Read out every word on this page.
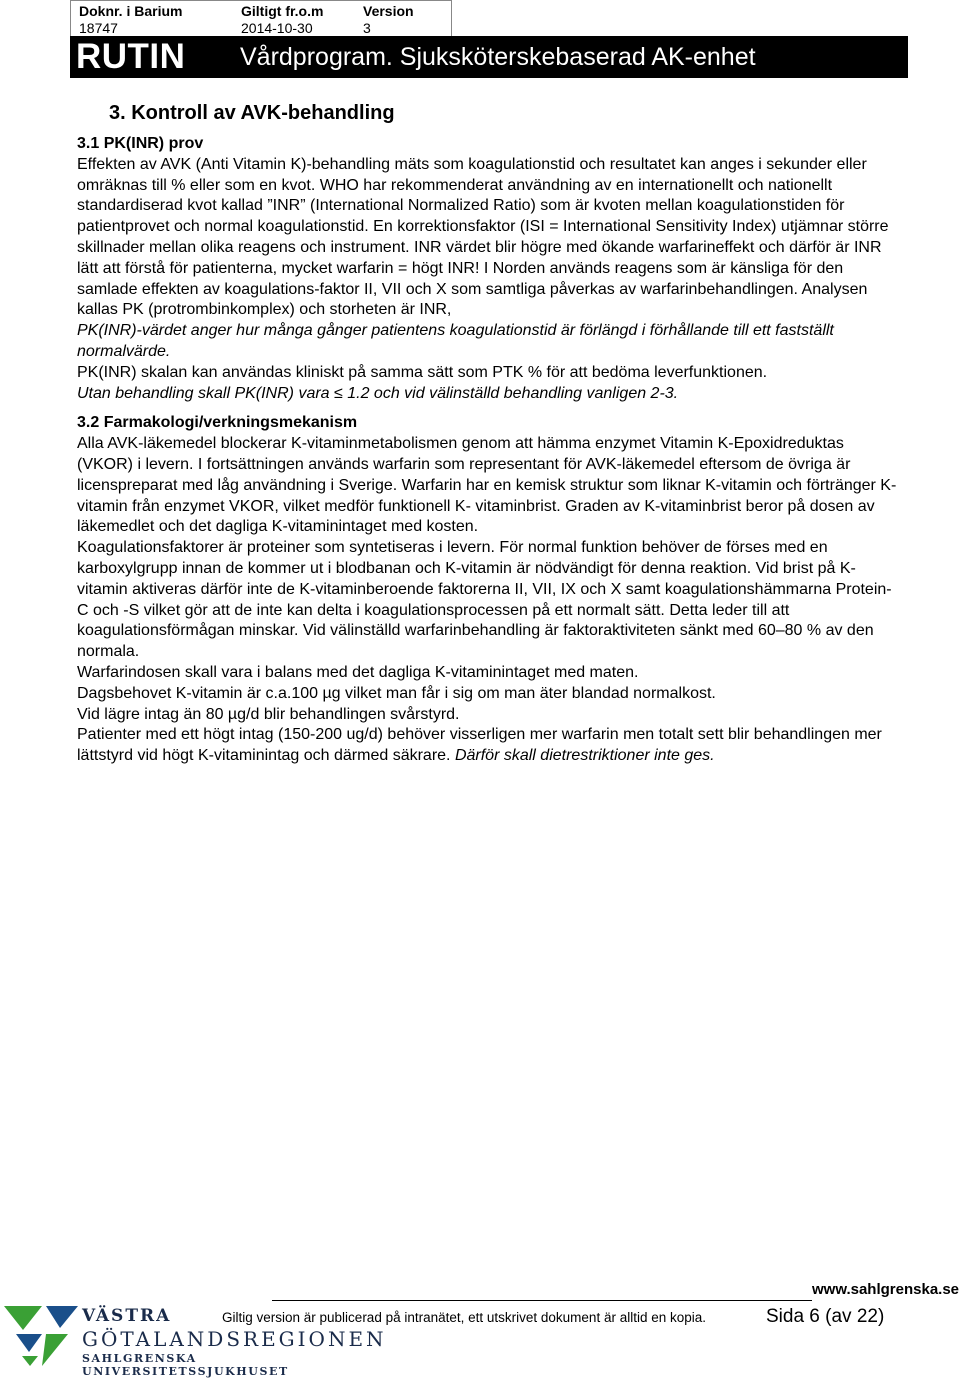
Doknr. i Barium
18747
Giltigt fr.o.m
2014-10-30
Version
3
RUTIN Vårdprogram. Sjuksköterskebaserad AK-enhet
3. Kontroll av AVK-behandling

3.1 PK(INR) prov

Effekten av AVK (Anti Vitamin K)-behandling mäts som koagulationstid och resultatet kan anges i sekunder eller omräknas till % eller som en kvot. WHO har rekommenderat användning av en internationellt och nationellt standardiserad kvot kallad ”INR” (International Normalized Ratio) som är kvoten mellan koagulationstiden för patientprovet och normal koagulationstid. En korrektionsfaktor (ISI = International Sensitivity Index) utjämnar större skillnader mellan olika reagens och instrument. INR värdet blir högre med ökande warfarineffekt och därför är INR lätt att förstå för patienterna, mycket warfarin = högt INR! I Norden används reagens som är känsliga för den samlade effekten av koagulations-faktor II, VII och X som samtliga påverkas av warfarinbehandlingen. Analysen kallas PK (protrombinkomplex) och storheten är INR,

PK(INR)-värdet anger hur många gånger patientens koagulationstid är förlängd i förhållande till ett fastställt normalvärde.

PK(INR) skalan kan användas kliniskt på samma sätt som PTK % för att bedöma leverfunktionen.

Utan behandling skall PK(INR) vara ≤ 1.2 och vid välinställd behandling vanligen 2-3.

3.2 Farmakologi/verkningsmekanism

Alla AVK-läkemedel blockerar K-vitaminmetabolismen genom att hämma enzymet Vitamin K-Epoxidreduktas (VKOR) i levern. I fortsättningen används warfarin som representant för AVK-läkemedel eftersom de övriga är licenspreparat med låg användning i Sverige. Warfarin har en kemisk struktur som liknar K-vitamin och förtränger K-vitamin från enzymet VKOR, vilket medför funktionell K- vitaminbrist. Graden av K-vitaminbrist beror på dosen av läkemedlet och det dagliga K-vitaminintaget med kosten.

Koagulationsfaktorer är proteiner som syntetiseras i levern. För normal funktion behöver de förses med en karboxylgrupp innan de kommer ut i blodbanan och K-vitamin är nödvändigt för denna reaktion. Vid brist på K-vitamin aktiveras därför inte de K-vitaminberoende faktorerna II, VII, IX och X samt koagulationshämmarna Protein- C och -S vilket gör att de inte kan delta i koagulationsprocessen på ett normalt sätt. Detta leder till att koagulationsförmågan minskar. Vid välinställd warfarinbehandling är faktoraktiviteten sänkt med 60–80 % av den normala.

Warfarindosen skall vara i balans med det dagliga K-vitaminintaget med maten.

Dagsbehovet K-vitamin är c.a.100 µg vilket man får i sig om man äter blandad normalkost.

Vid lägre intag än 80 µg/d blir behandlingen svårstyrd.

Patienter med ett högt intag (150-200 ug/d) behöver visserligen mer warfarin men totalt sett blir behandlingen mer lättstyrd vid högt K-vitaminintag och därmed säkrare. Därför skall dietrestriktioner inte ges.

www.sahlgrenska.se
VÄSTRA
GÖTALANDSREGIONEN
SAHLGRENSKA UNIVERSITETSSJUKHUSET
Giltig version är publicerad på intranätet, ett utskrivet dokument är alltid en kopia.	Sida 6 (av 22)
